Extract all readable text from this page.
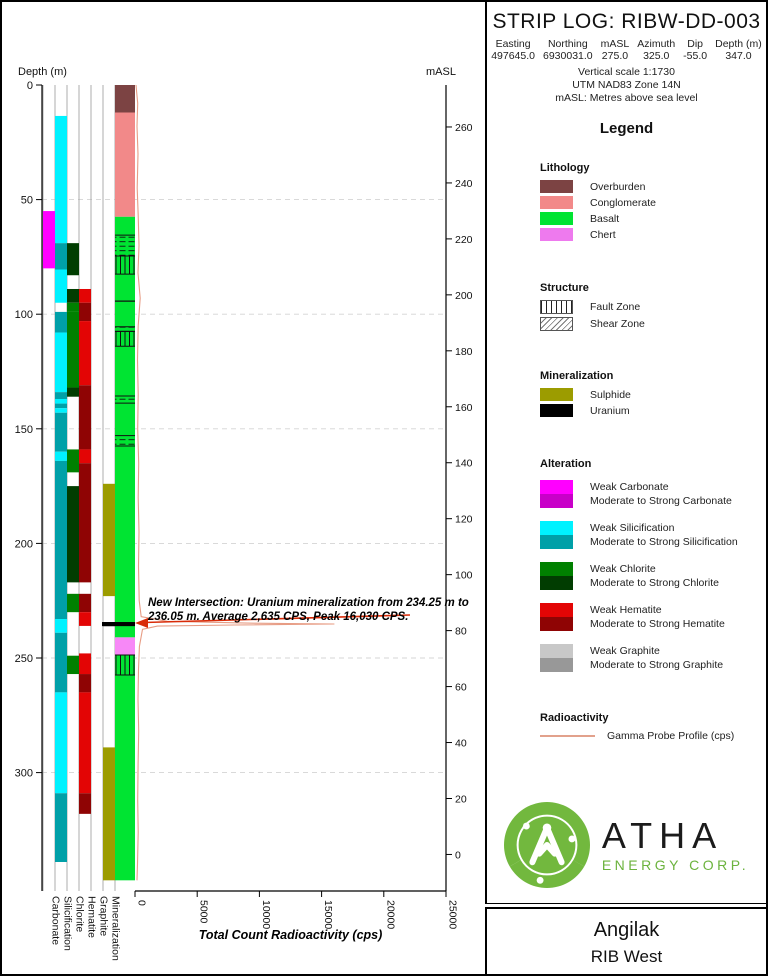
0
50
100
150
200
250
300
260
240
220
200
180
160
140
120
100
80
60
40
20
0
0	5000	10000	15000	20000	25000
Carbonate Silicification Chlorite Hematite Graphite Mineralization
Depth (m)	mASL
New Intersection: Uranium mineralization from 234.25 m to 236.05 m. Average 2,635 CPS, Peak 16,030 CPS.
Total Count Radioactivity (cps)
STRIP LOG: RIBW-DD-003
Easting	Northing	mASL	Azimuth	Dip	Depth (m)
497645.0	6930031.0	275.0	325.0	-55.0	347.0
Vertical scale 1:1730
UTM NAD83 Zone 14N
mASL: Metres above sea level
Legend
Lithology
Overburden
Conglomerate
Basalt
Chert
Structure
Fault Zone
Shear Zone
Mineralization
Sulphide
Uranium
Alteration
Weak Carbonate
Moderate to Strong Carbonate
Weak Silicification
Moderate to Strong Silicification
Weak Chlorite
Moderate to Strong Chlorite
Weak Hematite
Moderate to Strong Hematite
Weak Graphite
Moderate to Strong Graphite
Radioactivity
Gamma Probe Profile (cps)
ATHA
ENERGY CORP.
Angilak
RIB West
